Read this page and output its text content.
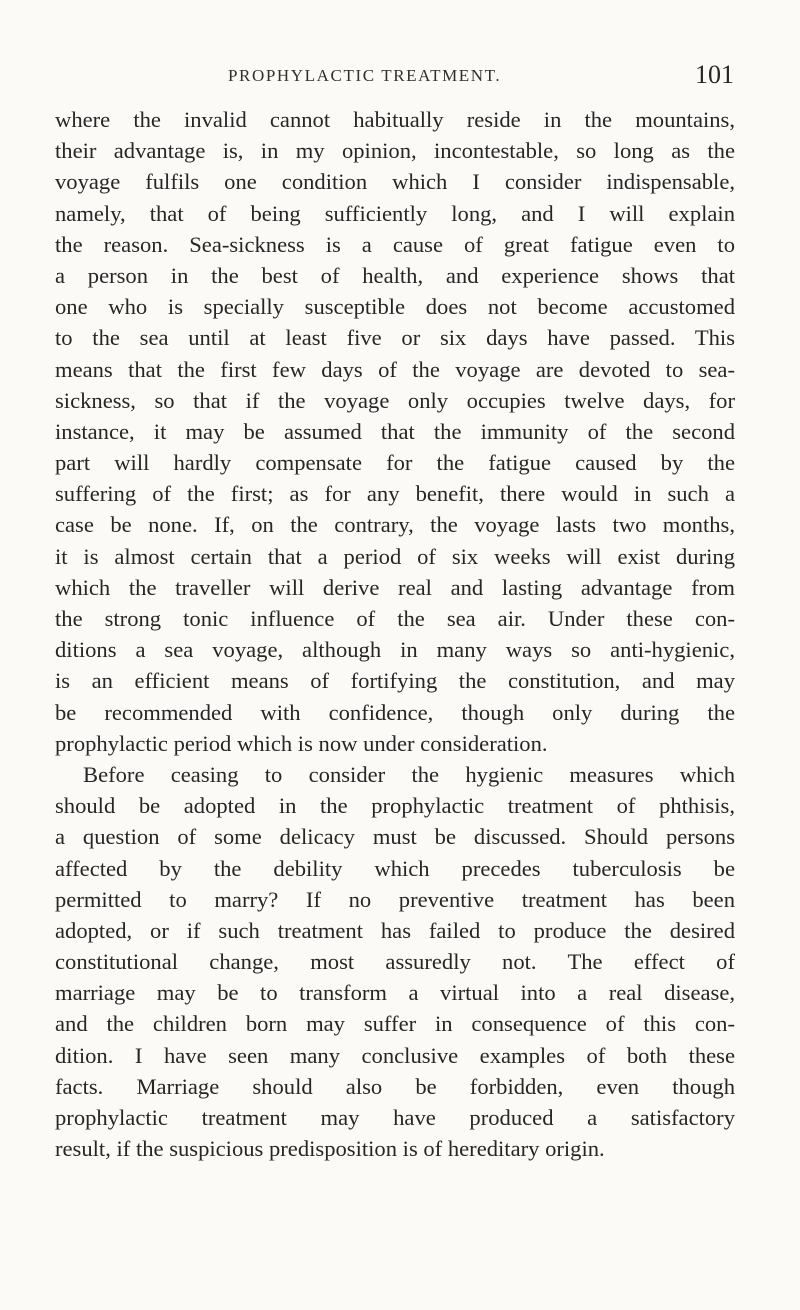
PROPHYLACTIC TREATMENT.	101
where the invalid cannot habitually reside in the mountains,
their advantage is, in my opinion, incontestable, so long as the
voyage fulfils one condition which I consider indispensable,
namely, that of being sufficiently long, and I will explain
the reason. Sea-sickness is a cause of great fatigue even to
a person in the best of health, and experience shows that
one who is specially susceptible does not become accustomed
to the sea until at least five or six days have passed. This
means that the first few days of the voyage are devoted to sea-
sickness, so that if the voyage only occupies twelve days, for
instance, it may be assumed that the immunity of the second
part will hardly compensate for the fatigue caused by the
suffering of the first; as for any benefit, there would in such a
case be none. If, on the contrary, the voyage lasts two months,
it is almost certain that a period of six weeks will exist during
which the traveller will derive real and lasting advantage from
the strong tonic influence of the sea air. Under these con-
ditions a sea voyage, although in many ways so anti-hygienic,
is an efficient means of fortifying the constitution, and may
be recommended with confidence, though only during the
prophylactic period which is now under consideration.
Before ceasing to consider the hygienic measures which
should be adopted in the prophylactic treatment of phthisis,
a question of some delicacy must be discussed. Should persons
affected by the debility which precedes tuberculosis be
permitted to marry? If no preventive treatment has been
adopted, or if such treatment has failed to produce the desired
constitutional change, most assuredly not. The effect of
marriage may be to transform a virtual into a real disease,
and the children born may suffer in consequence of this con-
dition. I have seen many conclusive examples of both these
facts. Marriage should also be forbidden, even though
prophylactic treatment may have produced a satisfactory
result, if the suspicious predisposition is of hereditary origin.
